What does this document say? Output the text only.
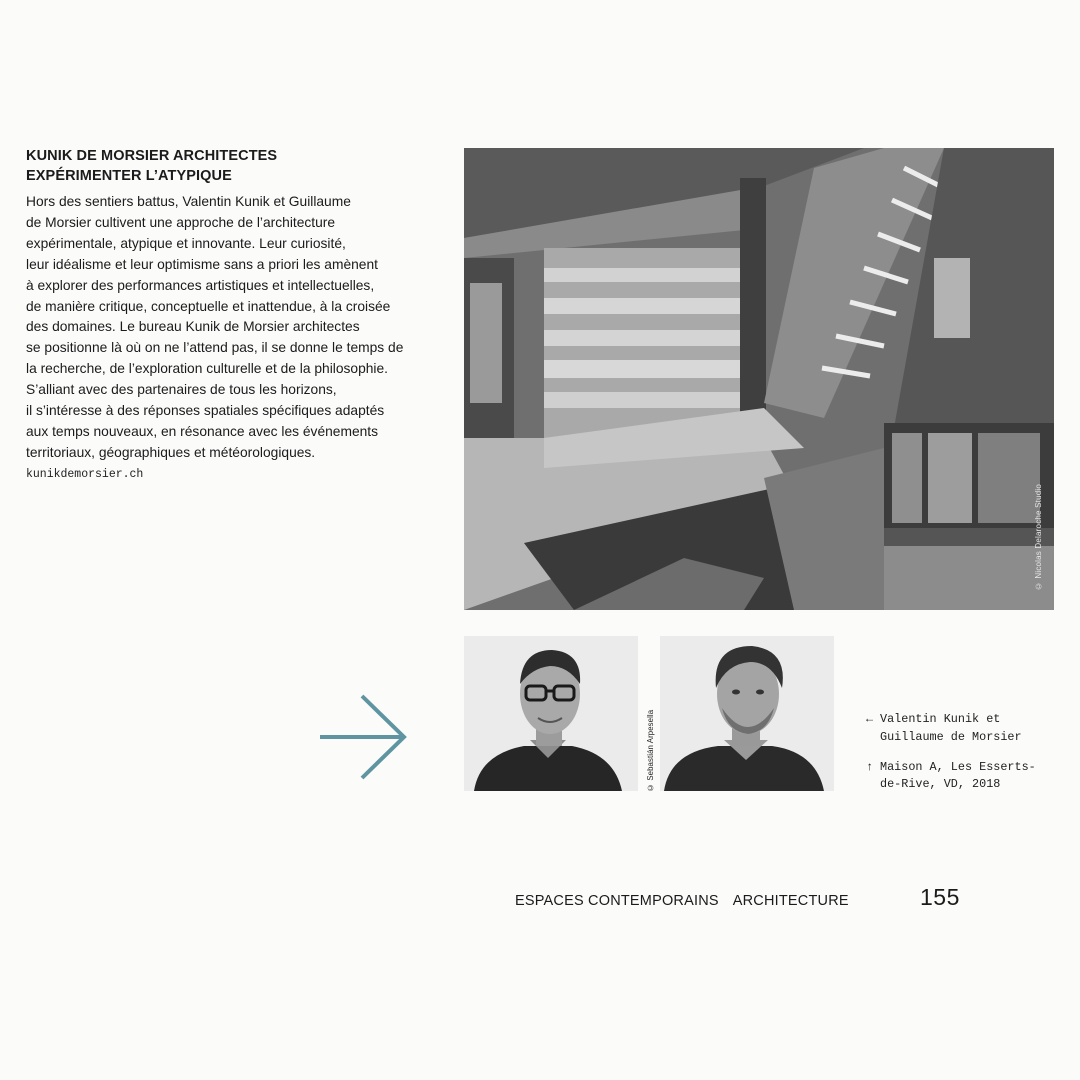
KUNIK DE MORSIER ARCHITECTES
EXPÉRIMENTER L’ATYPIQUE

Hors des sentiers battus, Valentin Kunik et Guillaume
de Morsier cultivent une approche de l’architecture
expérimentale, atypique et innovante. Leur curiosité,
leur idéalisme et leur optimisme sans a priori les amènent
à explorer des performances artistiques et intellectuelles,
de manière critique, conceptuelle et inattendue, à la croisée
des domaines. Le bureau Kunik de Morsier architectes
se positionne là où on ne l’attend pas, il se donne le temps de
la recherche, de l’exploration culturelle et de la philosophie.
S’alliant avec des partenaires de tous les horizons,
il s’intéresse à des réponses spatiales spécifiques adaptés
aux temps nouveaux, en résonance avec les événements
territoriaux, géographiques et météorologiques.

kunikdemorsier.ch
© Nicolas Delaroche Studio
© Sebastián Arpesella	← Valentin Kunik et
Guillaume de Morsier
↑ Maison A, Les Esserts-
de-Rive, VD, 2018
ESPACES CONTEMPORAINS ARCHITECTURE	155
